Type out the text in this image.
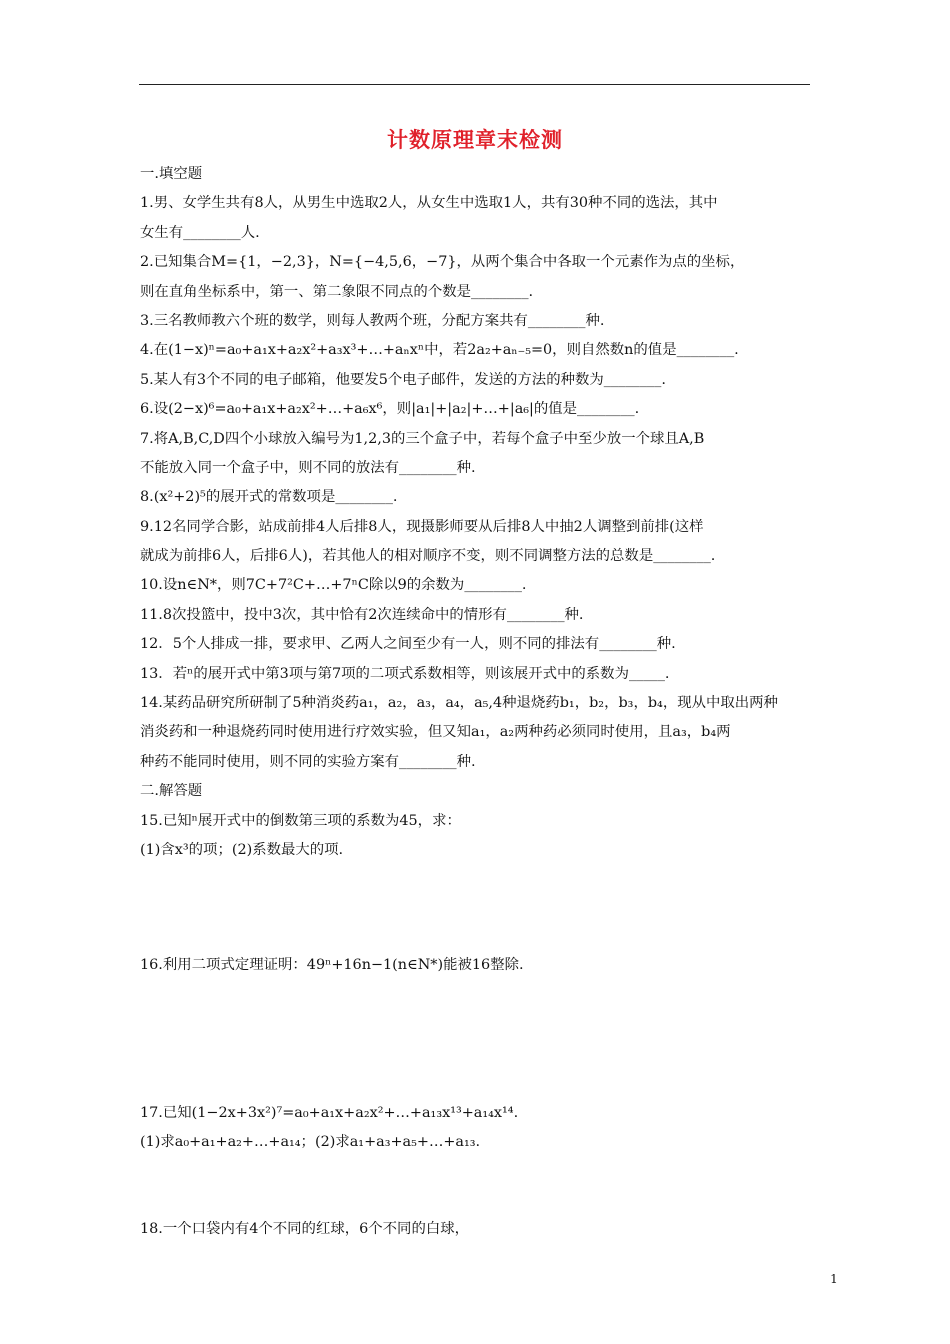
计数原理章末检测
一.填空题
1.男、女学生共有8人，从男生中选取2人，从女生中选取1人，共有30种不同的选法，其中
女生有________人.
2.已知集合M={1，−2,3}，N={−4,5,6，−7}，从两个集合中各取一个元素作为点的坐标，
则在直角坐标系中，第一、第二象限不同点的个数是________.
3.三名教师教六个班的数学，则每人教两个班，分配方案共有________种.
4.在(1−x)ⁿ=a₀+a₁x+a₂x²+a₃x³+…+aₙxⁿ中，若2a₂+aₙ₋₅=0，则自然数n的值是________.
5.某人有3个不同的电子邮箱，他要发5个电子邮件，发送的方法的种数为________.
6.设(2−x)⁶=a₀+a₁x+a₂x²+…+a₆x⁶，则|a₁|+|a₂|+…+|a₆|的值是________.
7.将A,B,C,D四个小球放入编号为1,2,3的三个盒子中，若每个盒子中至少放一个球且A,B
不能放入同一个盒子中，则不同的放法有________种.
8.(x²+2)⁵的展开式的常数项是________.
9.12名同学合影，站成前排4人后排8人，现摄影师要从后排8人中抽2人调整到前排(这样
就成为前排6人，后排6人)，若其他人的相对顺序不变，则不同调整方法的总数是________.
10.设n∈N*，则7C+7²C+…+7ⁿC除以9的余数为________.
11.8次投篮中，投中3次，其中恰有2次连续命中的情形有________种.
12．5个人排成一排，要求甲、乙两人之间至少有一人，则不同的排法有________种.
13．若ⁿ的展开式中第3项与第7项的二项式系数相等，则该展开式中的系数为_____.
14.某药品研究所研制了5种消炎药a₁，a₂，a₃，a₄，a₅,4种退烧药b₁，b₂，b₃，b₄，现从中取出两种
消炎药和一种退烧药同时使用进行疗效实验，但又知a₁，a₂两种药必须同时使用，且a₃，b₄两
种药不能同时使用，则不同的实验方案有________种.
二.解答题
15.已知ⁿ展开式中的倒数第三项的系数为45，求：
(1)含x³的项；(2)系数最大的项.
16.利用二项式定理证明：49ⁿ+16n−1(n∈N*)能被16整除.
17.已知(1−2x+3x²)⁷=a₀+a₁x+a₂x²+…+a₁₃x¹³+a₁₄x¹⁴.
(1)求a₀+a₁+a₂+…+a₁₄；(2)求a₁+a₃+a₅+…+a₁₃.
18.一个口袋内有4个不同的红球，6个不同的白球，
1
